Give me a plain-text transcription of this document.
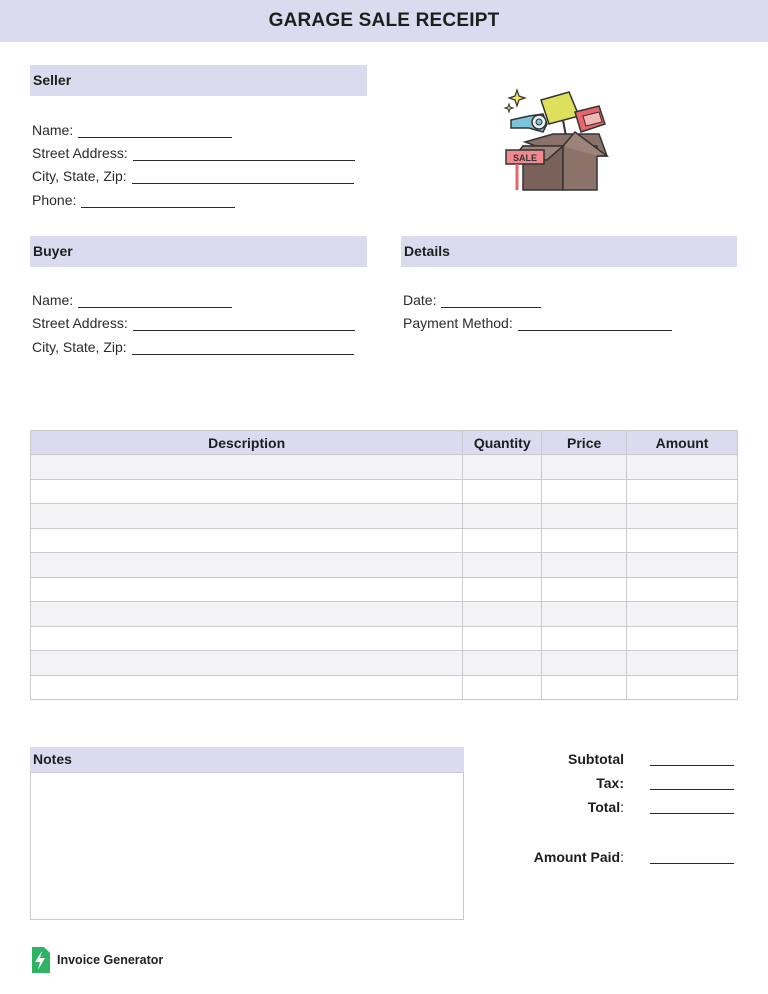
GARAGE SALE RECEIPT
Seller
Name:
Street Address:
City, State, Zip:
Phone:
SALE
Buyer
Name:
Street Address:
City, State, Zip:
Details
Date:
Payment Method:
Description	Quantity	Price	Amount

Notes	Subtotal
Tax:
Total:
Amount Paid:
Invoice Generator
